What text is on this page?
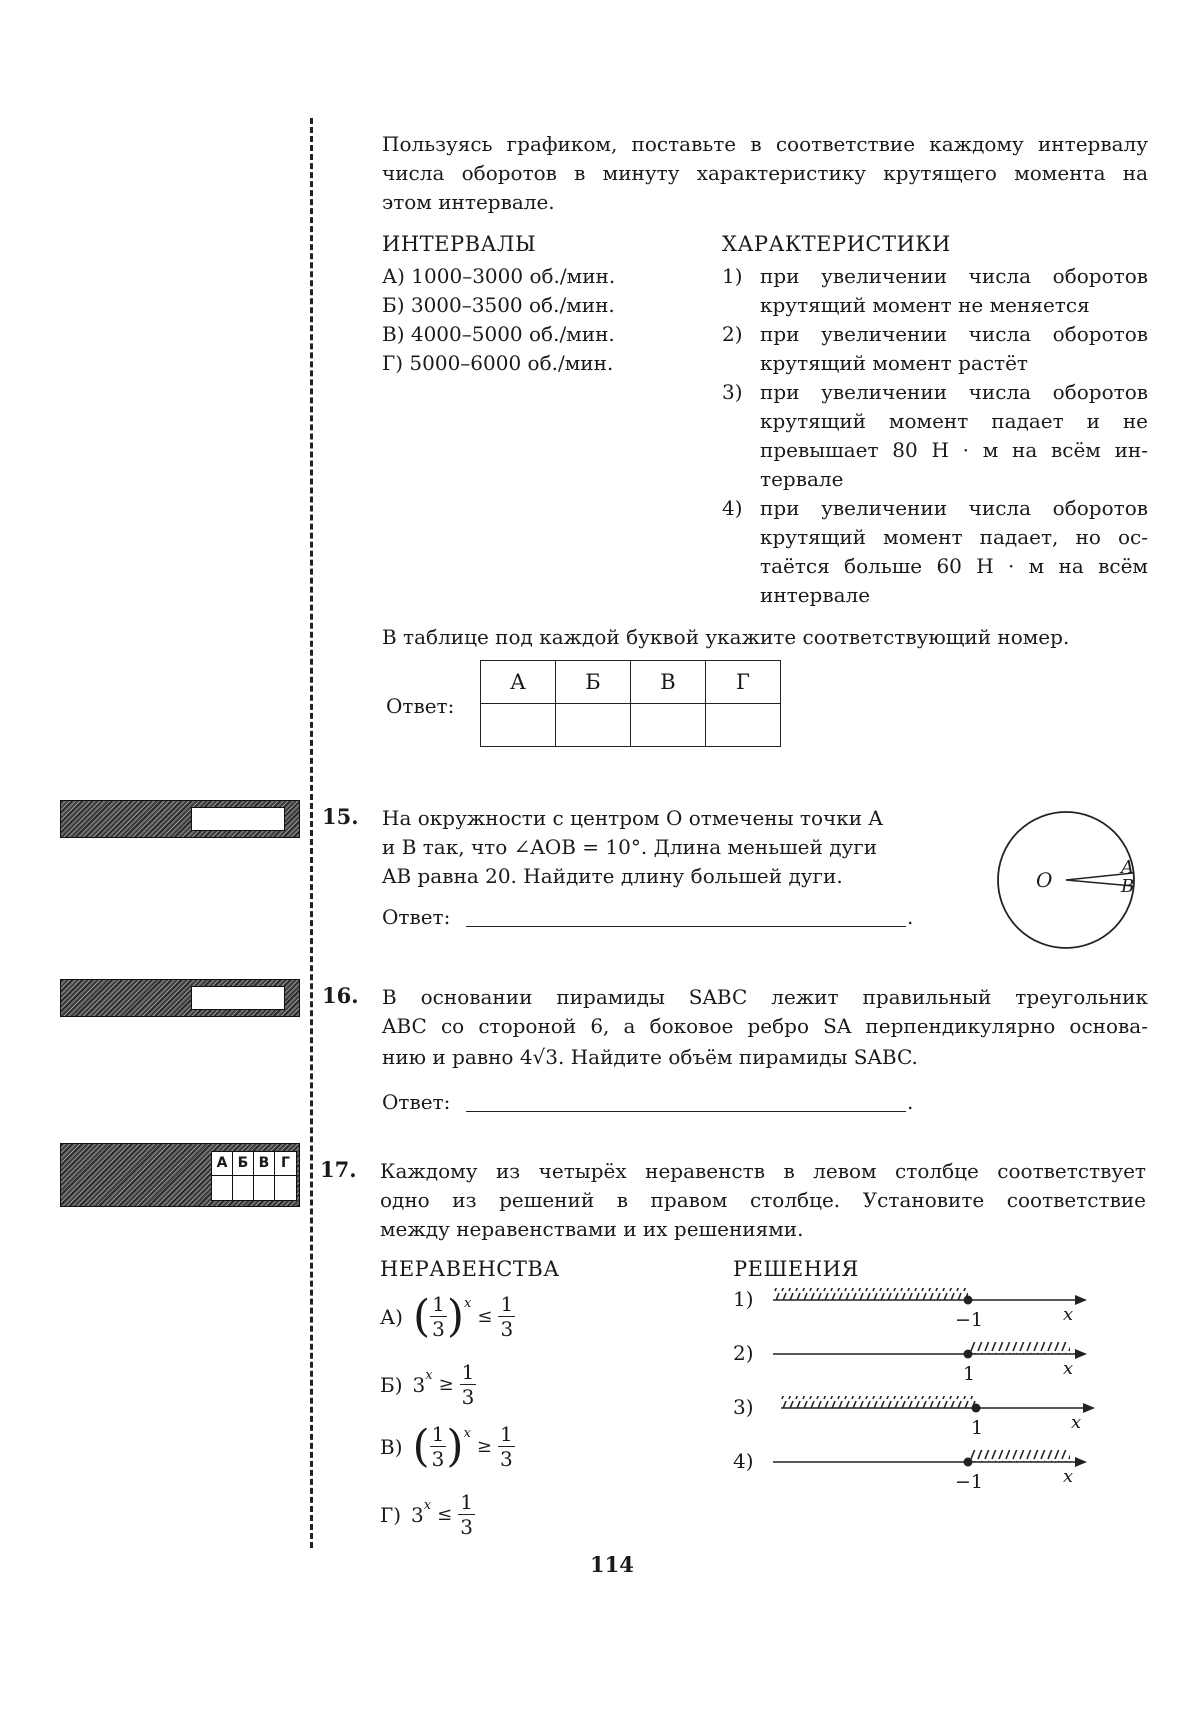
Пользуясь графиком, поставьте в соответствие каждому интервалу
числа оборотов в минуту характеристику крутящего момента на
этом интервале.
ИНТЕРВАЛЫ
А) 1000–3000 об./мин.
Б) 3000–3500 об./мин.
В) 4000–5000 об./мин.
Г) 5000–6000 об./мин.
ХАРАКТЕРИСТИКИ
1) при увеличении числа оборотов
крутящий момент не меняется
2) при увеличении числа оборотов
крутящий момент растёт
3) при увеличении числа оборотов
крутящий момент падает и не
превышает 80 Н · м на всём ин-
тервале
4) при увеличении числа оборотов
крутящий момент падает, но ос-
таётся больше 60 Н · м на всём
интервале
В таблице под каждой буквой укажите соответствующий номер.
Ответ:
А	Б	В	Г

15. На окружности с центром O отмечены точки A
и B так, что ∠AOB = 10°. Длина меньшей дуги
AB равна 20. Найдите длину большей дуги.
Ответ:	.
O
A
B
16. В основании пирамиды SABC лежит правильный треугольник
ABC со стороной 6, а боковое ребро SA перпендикулярно основа-
нию и равно 4√3. Найдите объём пирамиды SABC.
Ответ:	.
А Б В Г 17. Каждому из четырёх неравенств в левом столбце соответствует
одно из решений в правом столбце. Установите соответствие
между неравенствами и их решениями.
НЕРАВЕНСТВА	РЕШЕНИЯ
А) ( $\frac{1}{3}$ ) x
≤ $\frac{1}{3}$
Б) 3 $x \ge \frac{1}{3}$
В) ( $\frac{1}{3}$ ) x
≥ $\frac{1}{3}$
Г) 3 $x \le \frac{1}{3}$
1)
−1	x
2)
1	x
3)
1	x
4)
−1	x
114
